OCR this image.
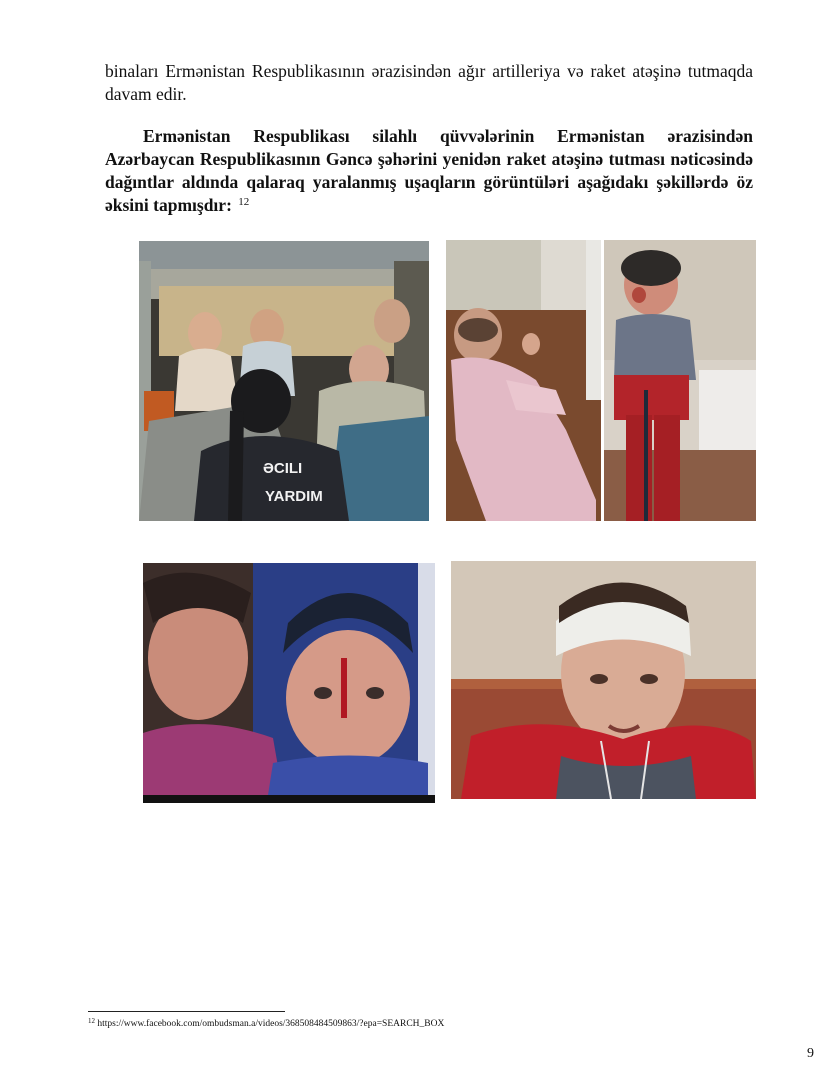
binaları Ermənistan Respublikasının ərazisindən ağır artilleriya və raket atəşinə tutmaqda davam edir.

Ermənistan Respublikası silahlı qüvvələrinin Ermənistan ərazisindən Azərbaycan Respublikasının Gəncə şəhərini yenidən raket atəşinə tutması nəticəsində dağıntlar aldında qalaraq yaralanmış uşaqların görüntüləri aşağıdakı şəkillərdə öz əksini tapmışdır: $^{12}$

ƏCILI
YARDIM
$^{12}$ https://www.facebook.com/ombudsman.a/videos/368508484509863/?epa=SEARCH_BOX
9
